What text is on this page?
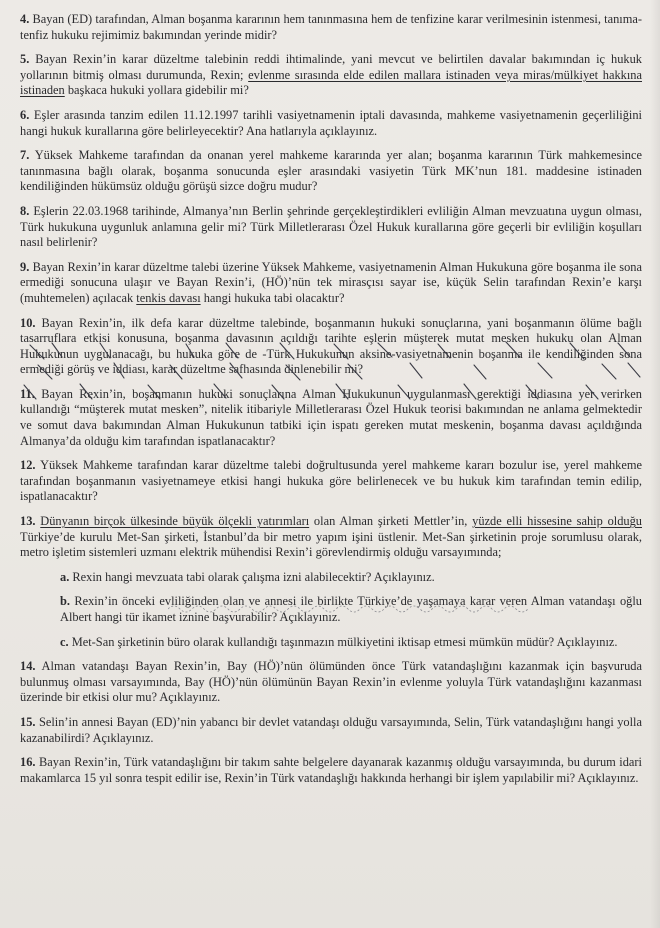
4. Bayan (ED) tarafından, Alman boşanma kararının hem tanınmasına hem de tenfizine karar verilmesinin istenmesi, tanıma-tenfiz hukuku rejimimiz bakımından yerinde midir?

5. Bayan Rexin’in karar düzeltme talebinin reddi ihtimalinde, yani mevcut ve belirtilen davalar bakımından iç hukuk yollarının bitmiş olması durumunda, Rexin; evlenme sırasında elde edilen mallara istinaden veya miras/mülkiyet hakkına istinaden başkaca hukuki yollara gidebilir mi?

6. Eşler arasında tanzim edilen 11.12.1997 tarihli vasiyetnamenin iptali davasında, mahkeme vasiyetnamenin geçerliliğini hangi hukuk kurallarına göre belirleyecektir? Ana hatlarıyla açıklayınız.

7. Yüksek Mahkeme tarafından da onanan yerel mahkeme kararında yer alan; boşanma kararının Türk mahkemesince tanınmasına bağlı olarak, boşanma sonucunda eşler arasındaki vasiyetin Türk MK’nun 181. maddesine istinaden kendiliğinden hükümsüz olduğu görüşü sizce doğru mudur?

8. Eşlerin 22.03.1968 tarihinde, Almanya’nın Berlin şehrinde gerçekleştirdikleri evliliğin Alman mevzuatına uygun olması, Türk hukukuna uygunluk anlamına gelir mi? Türk Milletlerarası Özel Hukuk kurallarına göre geçerli bir evliliğin koşulları nasıl belirlenir?

9. Bayan Rexin’in karar düzeltme talebi üzerine Yüksek Mahkeme, vasiyetnamenin Alman Hukukuna göre boşanma ile sona ermediği sonucuna ulaşır ve Bayan Rexin’i, (HÖ)’nün tek mirasçısı sayar ise, küçük Selin tarafından Rexin’e karşı (muhtemelen) açılacak tenkis davası hangi hukuka tabi olacaktır?

10. Bayan Rexin’in, ilk defa karar düzeltme talebinde, boşanmanın hukuki sonuçlarına, yani boşanmanın ölüme bağlı tasarruflara etkisi konusuna, boşanma davasının açıldığı tarihte eşlerin müşterek mutat mesken hukuku olan Alman Hukukunun uygulanacağı, bu hukuka göre de -Türk Hukukunun aksine-vasiyetnamenin boşanma ile kendiliğinden sona ermediği görüş ve iddiası, karar düzeltme safhasında dinlenebilir mi?

11. Bayan Rexin’in, boşanmanın hukuki sonuçlarına Alman Hukukunun uygulanması gerektiği iddiasına yer verirken kullandığı “müşterek mutat mesken”, nitelik itibariyle Milletlerarası Özel Hukuk teorisi bakımından ne anlama gelmektedir ve somut dava bakımından Alman Hukukunun tatbiki için ispatı gereken mutat meskenin, boşanma davası açıldığında Almanya’da olduğu kim tarafından ispatlanacaktır?

12. Yüksek Mahkeme tarafından karar düzeltme talebi doğrultusunda yerel mahkeme kararı bozulur ise, yerel mahkeme tarafından boşanmanın vasiyetnameye etkisi hangi hukuka göre belirlenecek ve bu hukuk kim tarafından temin edilip, ispatlanacaktır?

13. Dünyanın birçok ülkesinde büyük ölçekli yatırımları olan Alman şirketi Mettler’in, yüzde elli hissesine sahip olduğu Türkiye’de kurulu Met-San şirketi, İstanbul’da bir metro yapım işini üstlenir. Met-San şirketinin proje sorumlusu olarak, metro işletim sistemleri uzmanı elektrik mühendisi Rexin’i görevlendirmiş olduğu varsayımında;

a. Rexin hangi mevzuata tabi olarak çalışma izni alabilecektir? Açıklayınız.

b. Rexin’in önceki evliliğinden olan ve annesi ile birlikte Türkiye’de yaşamaya karar veren Alman vatandaşı oğlu Albert hangi tür ikamet iznine başvurabilir? Açıklayınız.

c. Met-San şirketinin büro olarak kullandığı taşınmazın mülkiyetini iktisap etmesi mümkün müdür? Açıklayınız.

14. Alman vatandaşı Bayan Rexin’in, Bay (HÖ)’nün ölümünden önce Türk vatandaşlığını kazanmak için başvuruda bulunmuş olması varsayımında, Bay (HÖ)’nün ölümünün Bayan Rexin’in evlenme yoluyla Türk vatandaşlığını kazanması üzerinde bir etkisi olur mu? Açıklayınız.

15. Selin’in annesi Bayan (ED)’nin yabancı bir devlet vatandaşı olduğu varsayımında, Selin, Türk vatandaşlığını hangi yolla kazanabilirdi? Açıklayınız.

16. Bayan Rexin’in, Türk vatandaşlığını bir takım sahte belgelere dayanarak kazanmış olduğu varsayımında, bu durum idari makamlarca 15 yıl sonra tespit edilir ise, Rexin’in Türk vatandaşlığı hakkında herhangi bir işlem yapılabilir mi? Açıklayınız.
